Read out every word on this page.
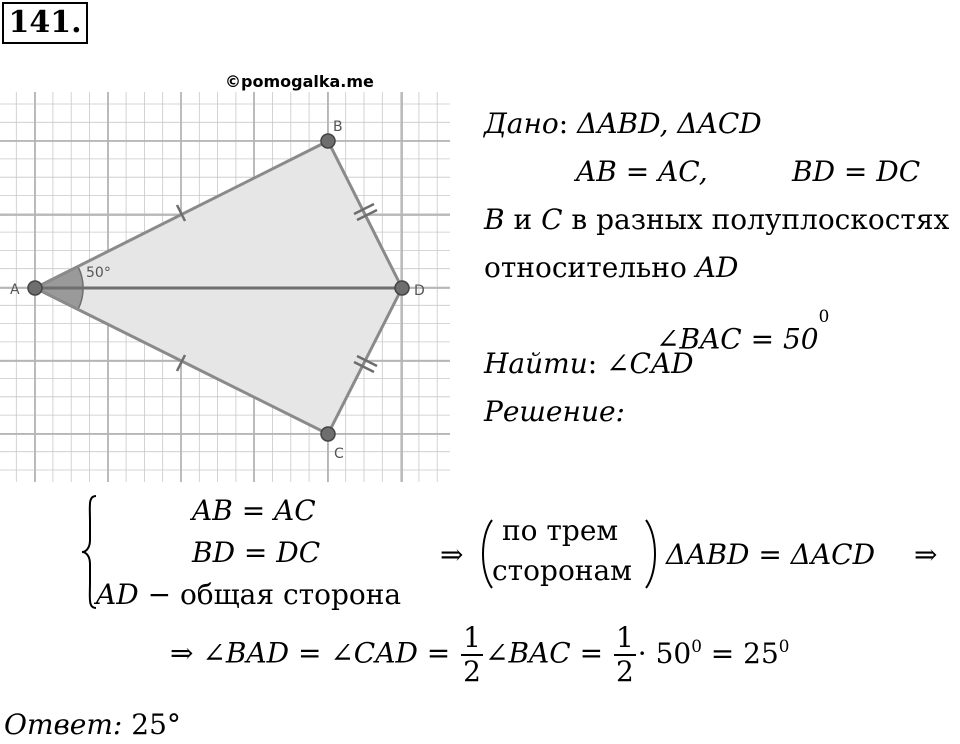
141.
©pomogalka.me
A
B
C
D
50°
Дано: ΔABD, ΔACD
AB = AC,	BD = DC
B и C в разных полуплоскостях
относительно AD
∠BAC = $50^0$
Найти: ∠CAD
Решение:
AB = AC
BD = DC
AD − общая сторона
⇒
по трем
сторонам ΔABD = ΔACD ⇒
⇒ ∠BAD = ∠CAD = $\frac{1}{2}$ ∠BAC = $\frac{1}{2} \cdot 50^0 = 25^0$
Ответ: 25°
